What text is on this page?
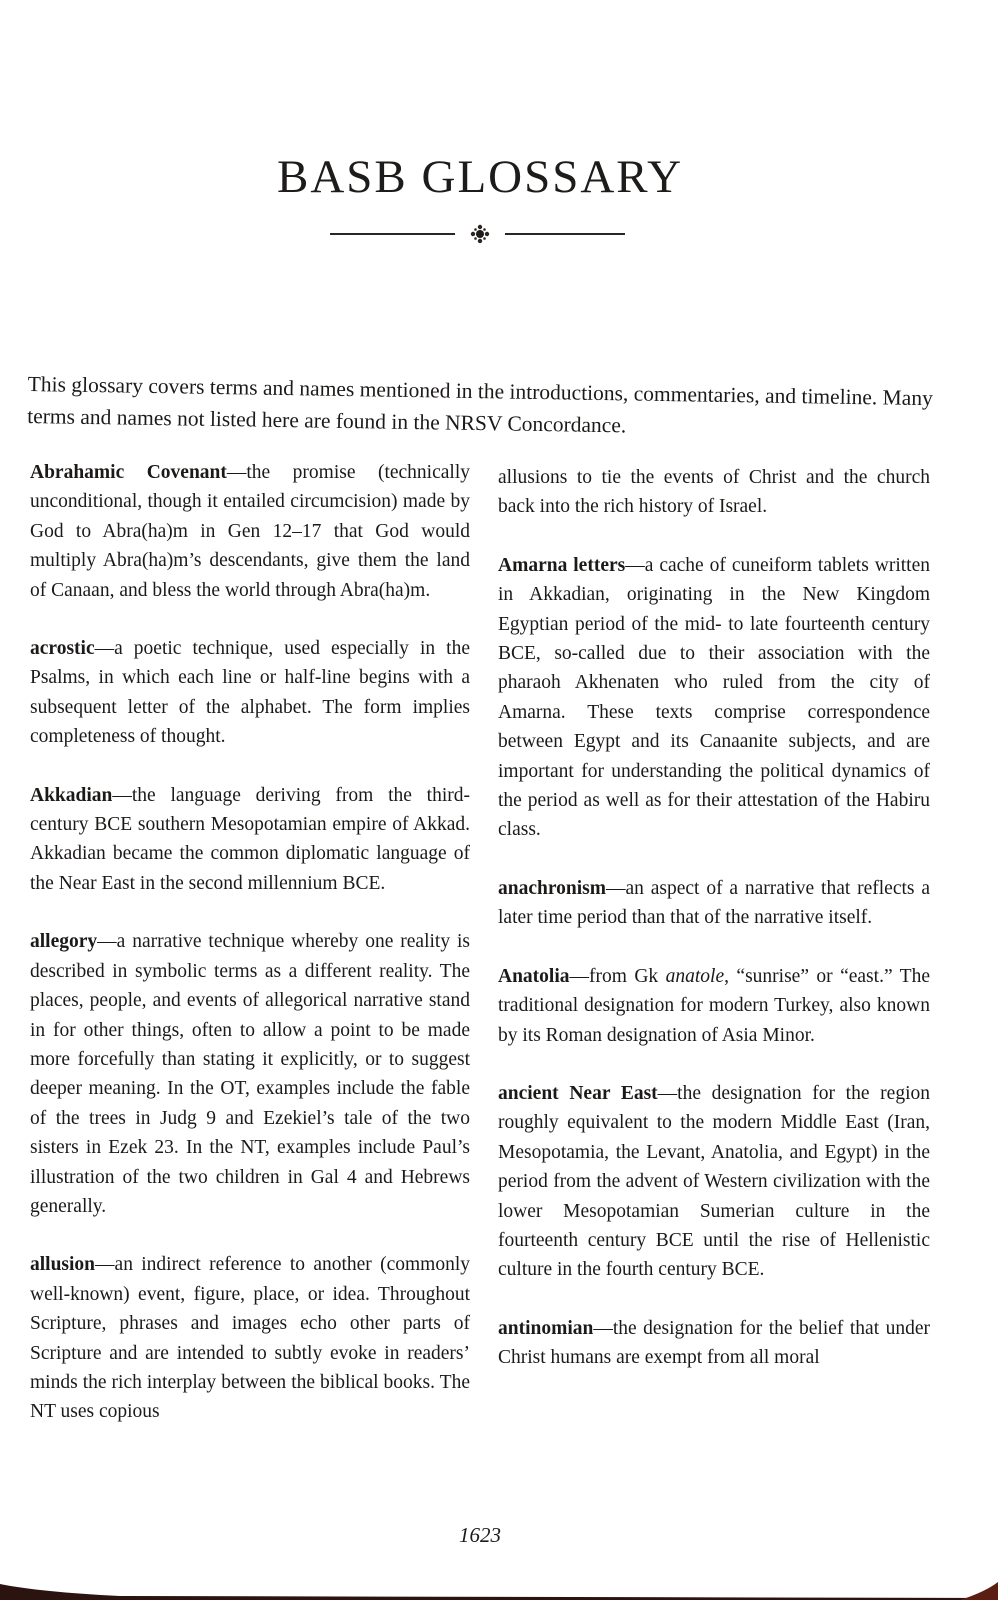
BASB GLOSSARY

This glossary covers terms and names mentioned in the introductions, commentaries, and timeline. Many terms and names not listed here are found in the NRSV Concordance.

Abrahamic Covenant—the promise (technically unconditional, though it entailed circumcision) made by God to Abra(ha)m in Gen 12–17 that God would multiply Abra(ha)m’s descendants, give them the land of Canaan, and bless the world through Abra(ha)m.

acrostic—a poetic technique, used especially in the Psalms, in which each line or half-line begins with a subsequent letter of the alphabet. The form implies completeness of thought.

Akkadian—the language deriving from the third-century BCE southern Mesopotamian empire of Akkad. Akkadian became the common diplomatic language of the Near East in the second millennium BCE.

allegory—a narrative technique whereby one reality is described in symbolic terms as a different reality. The places, people, and events of allegorical narrative stand in for other things, often to allow a point to be made more forcefully than stating it explicitly, or to suggest deeper meaning. In the OT, examples include the fable of the trees in Judg 9 and Ezekiel’s tale of the two sisters in Ezek 23. In the NT, examples include Paul’s illustration of the two children in Gal 4 and Hebrews generally.

allusion—an indirect reference to another (commonly well-known) event, figure, place, or idea. Throughout Scripture, phrases and images echo other parts of Scripture and are intended to subtly evoke in readers’ minds the rich interplay between the biblical books. The NT uses copious

allusions to tie the events of Christ and the church back into the rich history of Israel.

Amarna letters—a cache of cuneiform tablets written in Akkadian, originating in the New Kingdom Egyptian period of the mid- to late fourteenth century BCE, so-called due to their association with the pharaoh Akhenaten who ruled from the city of Amarna. These texts comprise correspondence between Egypt and its Canaanite subjects, and are important for understanding the political dynamics of the period as well as for their attestation of the Habiru class.

anachronism—an aspect of a narrative that reflects a later time period than that of the narrative itself.

Anatolia—from Gk anatole, “sunrise” or “east.” The traditional designation for modern Turkey, also known by its Roman designation of Asia Minor.

ancient Near East—the designation for the region roughly equivalent to the modern Middle East (Iran, Mesopotamia, the Levant, Anatolia, and Egypt) in the period from the advent of Western civilization with the lower Mesopotamian Sumerian culture in the fourteenth century BCE until the rise of Hellenistic culture in the fourth century BCE.

antinomian—the designation for the belief that under Christ humans are exempt from all moral

1623
